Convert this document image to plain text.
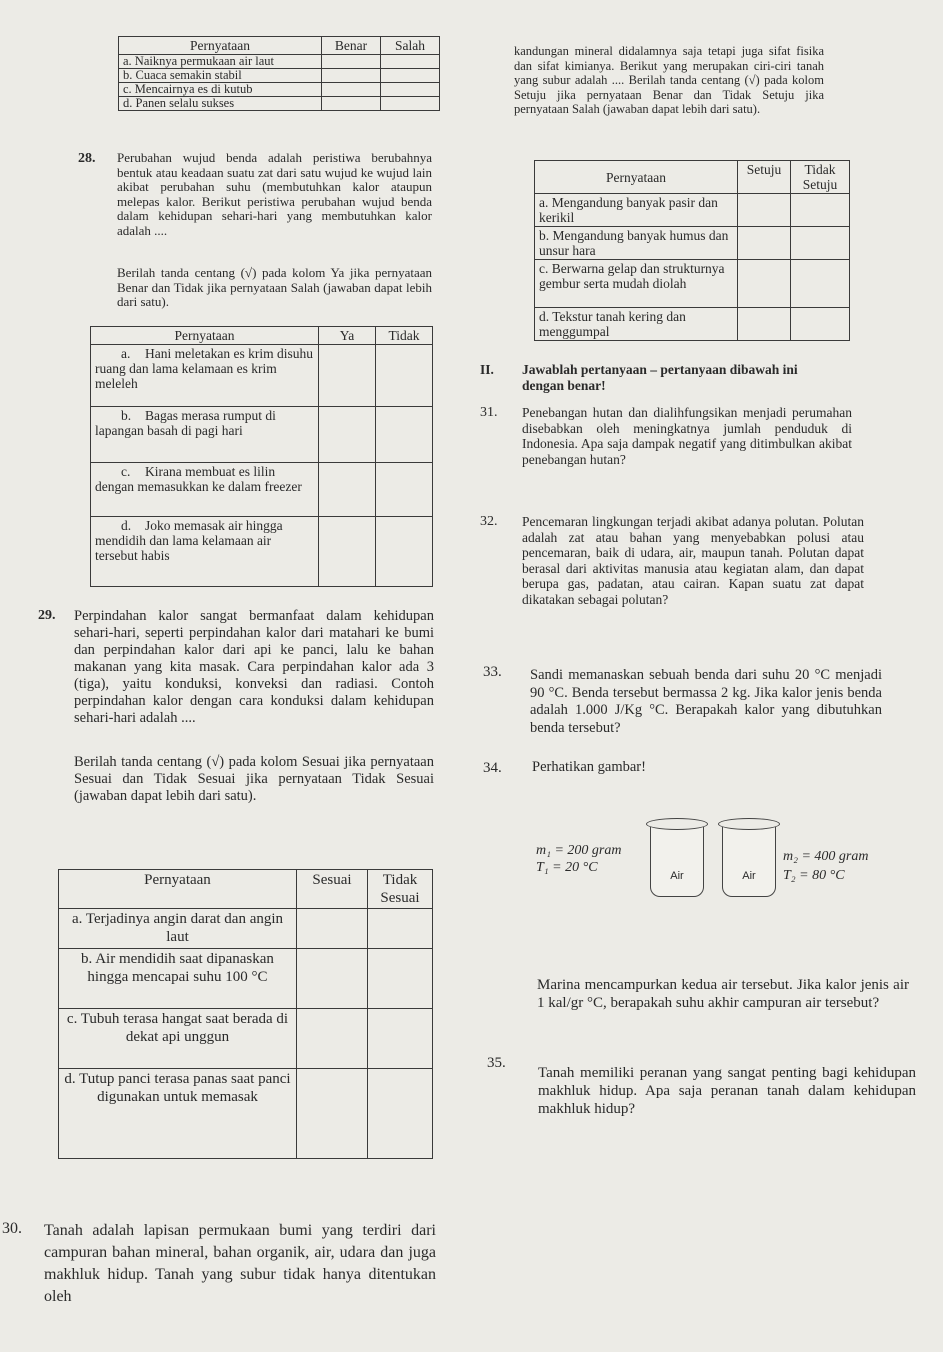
Pernyataan	Benar	Salah
a. Naiknya permukaan air laut		
b. Cuaca semakin stabil		
c. Mencairnya es di kutub		
d. Panen selalu sukses		
kandungan mineral didalamnya saja tetapi juga sifat fisika dan sifat kimianya. Berikut yang merupakan ciri-ciri tanah yang subur adalah .... Berilah tanda centang (√) pada kolom Setuju jika pernyataan Benar dan Tidak Setuju jika pernyataan Salah (jawaban dapat lebih dari satu).
28. Perubahan wujud benda adalah peristiwa berubahnya bentuk atau keadaan suatu zat dari satu wujud ke wujud lain akibat perubahan suhu (membutuhkan kalor ataupun melepas kalor. Berikut peristiwa perubahan wujud benda dalam kehidupan sehari-hari yang membutuhkan kalor adalah ....
Berilah tanda centang (√) pada kolom Ya jika pernyataan Benar dan Tidak jika pernyataan Salah (jawaban dapat lebih dari satu).
Pernyataan	Ya	Tidak
a. Hani meletakan es krim disuhu ruang dan lama kelamaan es krim meleleh		
b. Bagas merasa rumput di lapangan basah di pagi hari		
c. Kirana membuat es lilin dengan memasukkan ke dalam freezer		
d. Joko memasak air hingga mendidih dan lama kelamaan air tersebut habis		
Pernyataan	Setuju	Tidak Setuju
a. Mengandung banyak pasir dan kerikil		
b. Mengandung banyak humus dan unsur hara		
c. Berwarna gelap dan strukturnya gembur serta mudah diolah		
d. Tekstur tanah kering dan menggumpal		
II. Jawablah pertanyaan – pertanyaan dibawah ini dengan benar!
31. Penebangan hutan dan dialihfungsikan menjadi perumahan disebabkan oleh meningkatnya jumlah penduduk di Indonesia. Apa saja dampak negatif yang ditimbulkan akibat penebangan hutan?
32. Pencemaran lingkungan terjadi akibat adanya polutan. Polutan adalah zat atau bahan yang menyebabkan polusi atau pencemaran, baik di udara, air, maupun tanah. Polutan dapat berasal dari aktivitas manusia atau kegiatan alam, dan dapat berupa gas, padatan, atau cairan. Kapan suatu zat dapat dikatakan sebagai polutan?
29. Perpindahan kalor sangat bermanfaat dalam kehidupan sehari-hari, seperti perpindahan kalor dari matahari ke bumi dan perpindahan kalor dari api ke panci, lalu ke bahan makanan yang kita masak. Cara perpindahan kalor ada 3 (tiga), yaitu konduksi, konveksi dan radiasi. Contoh perpindahan kalor dengan cara konduksi dalam kehidupan sehari-hari adalah ....
Berilah tanda centang (√) pada kolom Sesuai jika pernyataan Sesuai dan Tidak Sesuai jika pernyataan Tidak Sesuai (jawaban dapat lebih dari satu).
Pernyataan	Sesuai	Tidak Sesuai
a. Terjadinya angin darat dan angin laut		
b. Air mendidih saat dipanaskan hingga mencapai suhu 100 °C		
c. Tubuh terasa hangat saat berada di dekat api unggun		
d. Tutup panci terasa panas saat panci digunakan untuk memasak		
33. Sandi memanaskan sebuah benda dari suhu 20 °C menjadi 90 °C. Benda tersebut bermassa 2 kg. Jika kalor jenis benda adalah 1.000 J/Kg °C. Berapakah kalor yang dibutuhkan benda tersebut?
34. Perhatikan gambar!
m₁ = 200 gram
T₁ = 20 °C
Air	Air
m₂ = 400 gram
T₂ = 80 °C
Marina mencampurkan kedua air tersebut. Jika kalor jenis air 1 kal/gr °C, berapakah suhu akhir campuran air tersebut?
35.
Tanah memiliki peranan yang sangat penting bagi kehidupan makhluk hidup. Apa saja peranan tanah dalam kehidupan makhluk hidup?
30. Tanah adalah lapisan permukaan bumi yang terdiri dari campuran bahan mineral, bahan organik, air, udara dan juga makhluk hidup. Tanah yang subur tidak hanya ditentukan oleh
